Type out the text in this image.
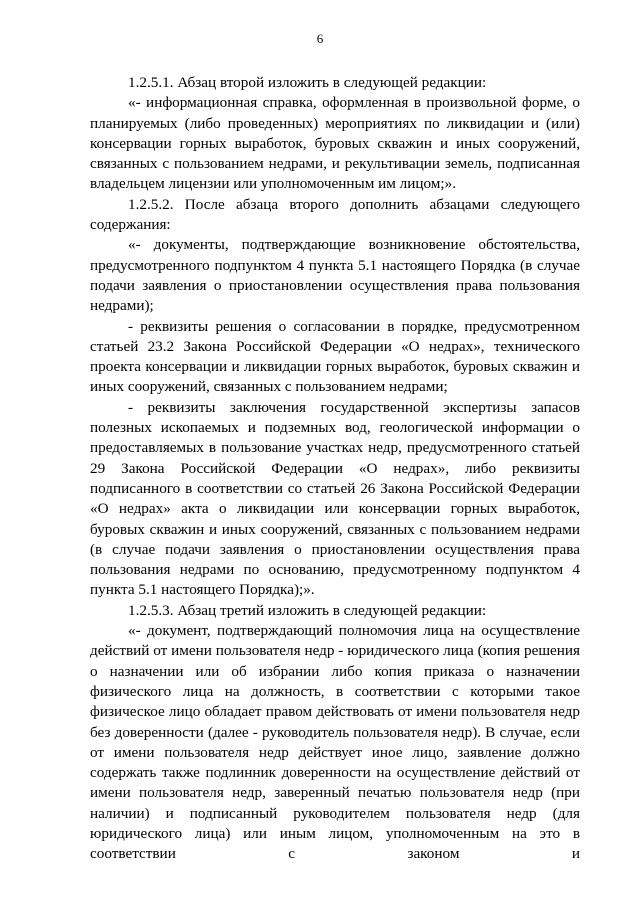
6

1.2.5.1. Абзац второй изложить в следующей редакции:

«- информационная справка, оформленная в произвольной форме, о планируемых (либо проведенных) мероприятиях по ликвидации и (или) консервации горных выработок, буровых скважин и иных сооружений, связанных с пользованием недрами, и рекультивации земель, подписанная владельцем лицензии или уполномоченным им лицом;».

1.2.5.2. После абзаца второго дополнить абзацами следующего содержания:

«- документы, подтверждающие возникновение обстоятельства, предусмотренного подпунктом 4 пункта 5.1 настоящего Порядка (в случае подачи заявления о приостановлении осуществления права пользования недрами);

- реквизиты решения о согласовании в порядке, предусмотренном статьей 23.2 Закона Российской Федерации «О недрах», технического проекта консервации и ликвидации горных выработок, буровых скважин и иных сооружений, связанных с пользованием недрами;

- реквизиты заключения государственной экспертизы запасов полезных ископаемых и подземных вод, геологической информации о предоставляемых в пользование участках недр, предусмотренного статьей 29 Закона Российской Федерации «О недрах», либо реквизиты подписанного в соответствии со статьей 26 Закона Российской Федерации «О недрах» акта о ликвидации или консервации горных выработок, буровых скважин и иных сооружений, связанных с пользованием недрами (в случае подачи заявления о приостановлении осуществления права пользования недрами по основанию, предусмотренному подпунктом 4 пункта 5.1 настоящего Порядка);».

1.2.5.3. Абзац третий изложить в следующей редакции:

«- документ, подтверждающий полномочия лица на осуществление действий от имени пользователя недр - юридического лица (копия решения о назначении или об избрании либо копия приказа о назначении физического лица на должность, в соответствии с которыми такое физическое лицо обладает правом действовать от имени пользователя недр без доверенности (далее - руководитель пользователя недр). В случае, если от имени пользователя недр действует иное лицо, заявление должно содержать также подлинник доверенности на осуществление действий от имени пользователя недр, заверенный печатью пользователя недр (при наличии) и подписанный руководителем пользователя недр (для юридического лица) или иным лицом, уполномоченным на это в соответствии с законом и
